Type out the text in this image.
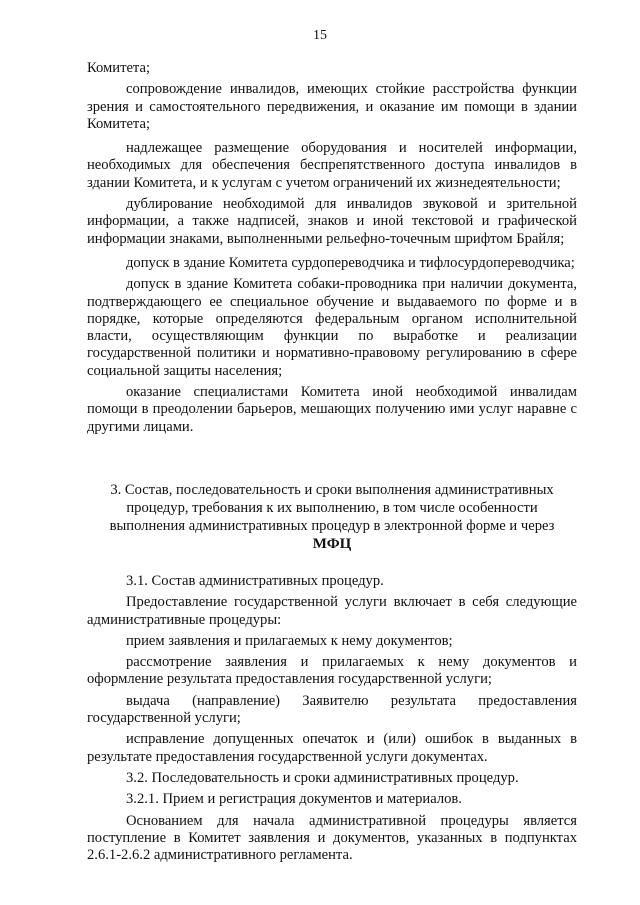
15

Комитета;

сопровождение инвалидов, имеющих стойкие расстройства функции зрения и самостоятельного передвижения, и оказание им помощи в здании Комитета;

надлежащее размещение оборудования и носителей информации, необходимых для обеспечения беспрепятственного доступа инвалидов в здании Комитета, и к услугам с учетом ограничений их жизнедеятельности;

дублирование необходимой для инвалидов звуковой и зрительной информации, а также надписей, знаков и иной текстовой и графической информации знаками, выполненными рельефно-точечным шрифтом Брайля;

допуск в здание Комитета сурдопереводчика и тифлосурдопереводчика;

допуск в здание Комитета собаки-проводника при наличии документа, подтверждающего ее специальное обучение и выдаваемого по форме и в порядке, которые определяются федеральным органом исполнительной власти, осуществляющим функции по выработке и реализации государственной политики и нормативно-правовому регулированию в сфере социальной защиты населения;

оказание специалистами Комитета иной необходимой инвалидам помощи в преодолении барьеров, мешающих получению ими услуг наравне с другими лицами.

3. Состав, последовательность и сроки выполнения административных процедур, требования к их выполнению, в том числе особенности выполнения административных процедур в электронной форме и через
МФЦ

3.1. Состав административных процедур.

Предоставление государственной услуги включает в себя следующие административные процедуры:

прием заявления и прилагаемых к нему документов;

рассмотрение заявления и прилагаемых к нему документов и оформление результата предоставления государственной услуги;

выдача (направление) Заявителю результата предоставления государственной услуги;

исправление допущенных опечаток и (или) ошибок в выданных в результате предоставления государственной услуги документах.

3.2. Последовательность и сроки административных процедур.

3.2.1. Прием и регистрация документов и материалов.

Основанием для начала административной процедуры является поступление в Комитет заявления и документов, указанных в подпунктах 2.6.1-2.6.2 административного регламента.
